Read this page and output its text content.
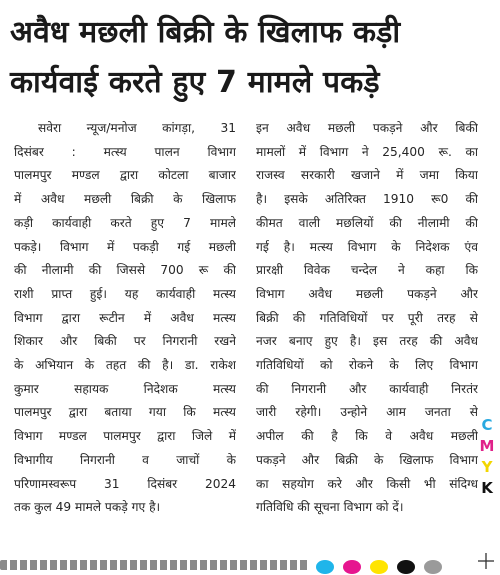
अवैध मछली बिक्री के खिलाफ कड़ी
कार्यवाई करते हुए 7 मामले पकड़े
सवेरा न्यूज/मनोज कांगड़ा, 31
दिसंबर : मत्स्य पालन विभाग
पालमपुर मण्डल द्वारा कोटला बाजार
में अवैध मछली बिक्री के खिलाफ
कड़ी कार्यवाही करते हुए 7 मामले
पकड़े। विभाग में पकड़ी गई मछली
की नीलामी की जिससे 700 रू की
राशी प्राप्त हुई। यह कार्यवाही मत्स्य
विभाग द्वारा रूटीन में अवैध मत्स्य
शिकार और बिकी पर निगरानी रखने
के अभियान के तहत की है। डा. राकेश
कुमार सहायक निदेशक मत्स्य
पालमपुर द्वारा बताया गया कि मत्स्य
विभाग मण्डल पालमपुर द्वारा जिले में
विभागीय निगरानी व जाचों के
परिणामस्वरूप 31 दिसंबर 2024
तक कुल 49 मामले पकड़े गए है।
इन अवैध मछली पकड़ने और बिकी
मामलों में विभाग ने 25,400 रू. का
राजस्व सरकारी खजाने में जमा किया
है। इसके अतिरिक्त 1910 रू0 की
कीमत वाली मछलियों की नीलामी की
गई है। मत्स्य विभाग के निदेशक एंव
प्रारक्षी विवेक चन्देल ने कहा कि
विभाग अवैध मछली पकड़ने और
बिक्री की गतिविधियों पर पूरी तरह से
नजर बनाए हुए है। इस तरह की अवैध
गतिविधियों को रोकने के लिए विभाग
की निगरानी और कार्यवाही निरतंर
जारी रहेगी। उन्होने आम जनता से
अपील की है कि वे अवैध मछली
पकड़ने और बिक्री के खिलाफ विभाग
का सहयोग करे और किसी भी संदिग्ध
गतिविधि की सूचना विभाग को दें।
C
M
Y
K
